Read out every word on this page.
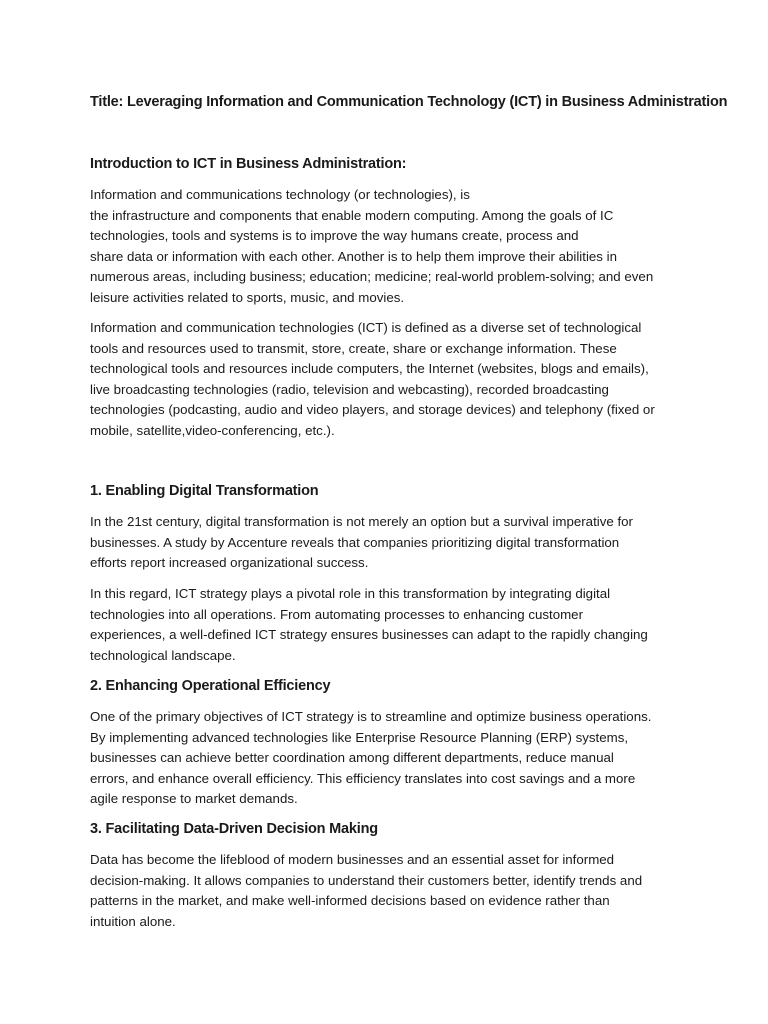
Title: Leveraging Information and Communication Technology (ICT) in Business Administration
Introduction to ICT in Business Administration:

Information and communications technology (or technologies), is
the infrastructure and components that enable modern computing. Among the goals of IC
technologies, tools and systems is to improve the way humans create, process and
share data or information with each other. Another is to help them improve their abilities in
numerous areas, including business; education; medicine; real-world problem-solving; and even
leisure activities related to sports, music, and movies.

Information and communication technologies (ICT) is defined as a diverse set of technological
tools and resources used to transmit, store, create, share or exchange information. These
technological tools and resources include computers, the Internet (websites, blogs and emails),
live broadcasting technologies (radio, television and webcasting), recorded broadcasting
technologies (podcasting, audio and video players, and storage devices) and telephony (fixed or
mobile, satellite,video-conferencing, etc.).

1. Enabling Digital Transformation

In the 21st century, digital transformation is not merely an option but a survival imperative for
businesses. A study by Accenture reveals that companies prioritizing digital transformation
efforts report increased organizational success.

In this regard, ICT strategy plays a pivotal role in this transformation by integrating digital
technologies into all operations. From automating processes to enhancing customer
experiences, a well-defined ICT strategy ensures businesses can adapt to the rapidly changing
technological landscape.

2. Enhancing Operational Efficiency

One of the primary objectives of ICT strategy is to streamline and optimize business operations.
By implementing advanced technologies like Enterprise Resource Planning (ERP) systems,
businesses can achieve better coordination among different departments, reduce manual
errors, and enhance overall efficiency. This efficiency translates into cost savings and a more
agile response to market demands.

3. Facilitating Data-Driven Decision Making

Data has become the lifeblood of modern businesses and an essential asset for informed
decision-making. It allows companies to understand their customers better, identify trends and
patterns in the market, and make well-informed decisions based on evidence rather than
intuition alone.
